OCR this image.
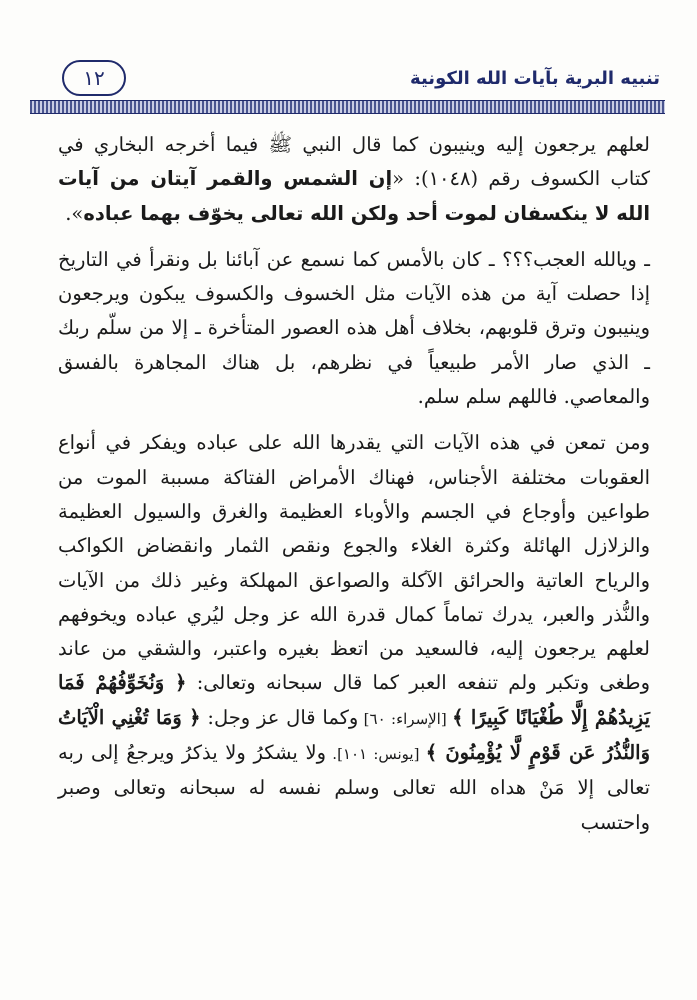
تنبيه البرية بآيات الله الكونية
١٢

لعلهم يرجعون إليه وينيبون كما قال النبي ﷺ فيما أخرجه البخاري في كتاب الكسوف رقم (١٠٤٨): «إن الشمس والقمر آيتان من آيات الله لا ينكسفان لموت أحد ولكن الله تعالى يخوّف بهما عباده».

ـ ويالله العجب؟؟؟ ـ كان بالأمس كما نسمع عن آبائنا بل ونقرأ في التاريخ إذا حصلت آية من هذه الآيات مثل الخسوف والكسوف يبكون ويرجعون وينيبون وترق قلوبهم، بخلاف أهل هذه العصور المتأخرة ـ إلا من سلّم ربك ـ الذي صار الأمر طبيعياً في نظرهم، بل هناك المجاهرة بالفسق والمعاصي. فاللهم سلم سلم.

ومن تمعن في هذه الآيات التي يقدرها الله على عباده ويفكر في أنواع العقوبات مختلفة الأجناس، فهناك الأمراض الفتاكة مسببة الموت من طواعين وأوجاع في الجسم والأوباء العظيمة والغرق والسيول العظيمة والزلازل الهائلة وكثرة الغلاء والجوع ونقص الثمار وانقضاض الكواكب والرياح العاتية والحرائق الآكلة والصواعق المهلكة وغير ذلك من الآيات والنُّذر والعبر، يدرك تماماً كمال قدرة الله عز وجل ليُري عباده ويخوفهم لعلهم يرجعون إليه، فالسعيد من اتعظ بغيره واعتبر، والشقي من عاند وطغى وتكبر ولم تنفعه العبر كما قال سبحانه وتعالى: ﴿ وَنُخَوِّفُهُمْ فَمَا يَزِيدُهُمْ إِلَّا طُغْيَانًا كَبِيرًا ﴾ [الإسراء: ٦٠] وكما قال عز وجل: ﴿ وَمَا تُغْنِي الْآيَاتُ وَالنُّذُرُ عَن قَوْمٍ لَّا يُؤْمِنُونَ ﴾ [يونس: ١٠١]. ولا يشكرُ ولا يذكرُ ويرجعُ إلى ربه تعالى إلا مَنْ هداه الله تعالى وسلم نفسه له سبحانه وتعالى وصبر واحتسب
